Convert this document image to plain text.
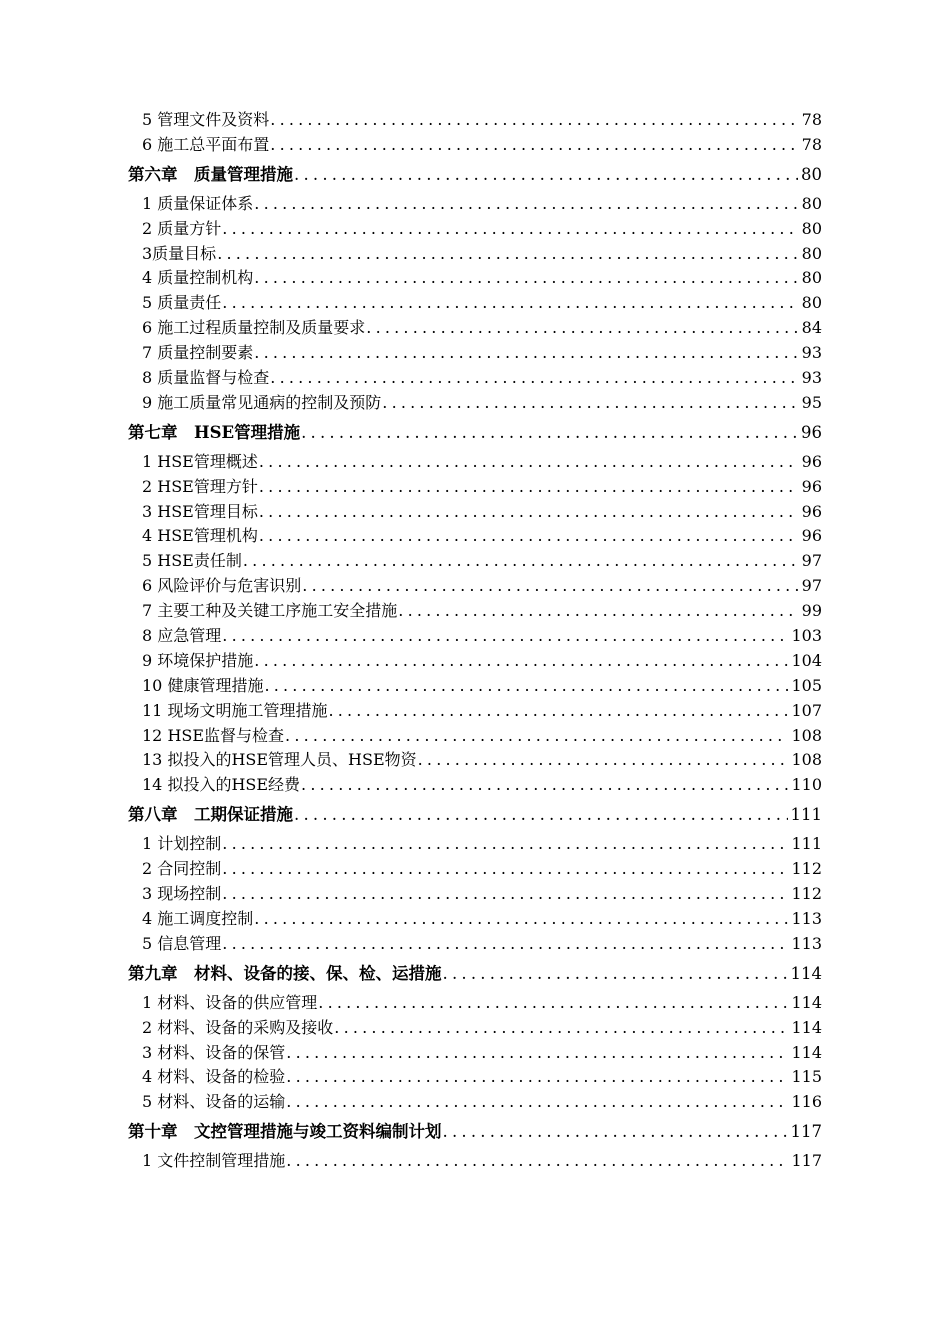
5 管理文件及资料 .....	78
6 施工总平面布置 .....	78
第六章　质量管理措施 .....	80
1 质量保证体系 .....	80
2 质量方针 .....	80
3质量目标 .....	80
4 质量控制机构 .....	80
5 质量责任 .....	80
6 施工过程质量控制及质量要求 .....	84
7 质量控制要素 .....	93
8 质量监督与检查 .....	93
9 施工质量常见通病的控制及预防 .....	95
第七章　HSE管理措施 .....	96
1 HSE管理概述 .....	96
2 HSE管理方针 .....	96
3 HSE管理目标 .....	96
4 HSE管理机构 .....	96
5 HSE责任制 .....	97
6 风险评价与危害识别 .....	97
7 主要工种及关键工序施工安全措施 .....	99
8 应急管理 .....	103
9 环境保护措施 .....	104
10 健康管理措施 .....	105
11 现场文明施工管理措施 .....	107
12 HSE监督与检查 .....	108
13 拟投入的HSE管理人员、HSE物资 .....	108
14 拟投入的HSE经费 .....	110
第八章　工期保证措施 .....	111
1 计划控制 .....	111
2 合同控制 .....	112
3 现场控制 .....	112
4 施工调度控制 .....	113
5 信息管理 .....	113
第九章　材料、设备的接、保、检、运措施 .....	114
1 材料、设备的供应管理 .....	114
2 材料、设备的采购及接收 .....	114
3 材料、设备的保管 .....	114
4 材料、设备的检验 .....	115
5 材料、设备的运输 .....	116
第十章　文控管理措施与竣工资料编制计划 .....	117
1 文件控制管理措施 .....	117
